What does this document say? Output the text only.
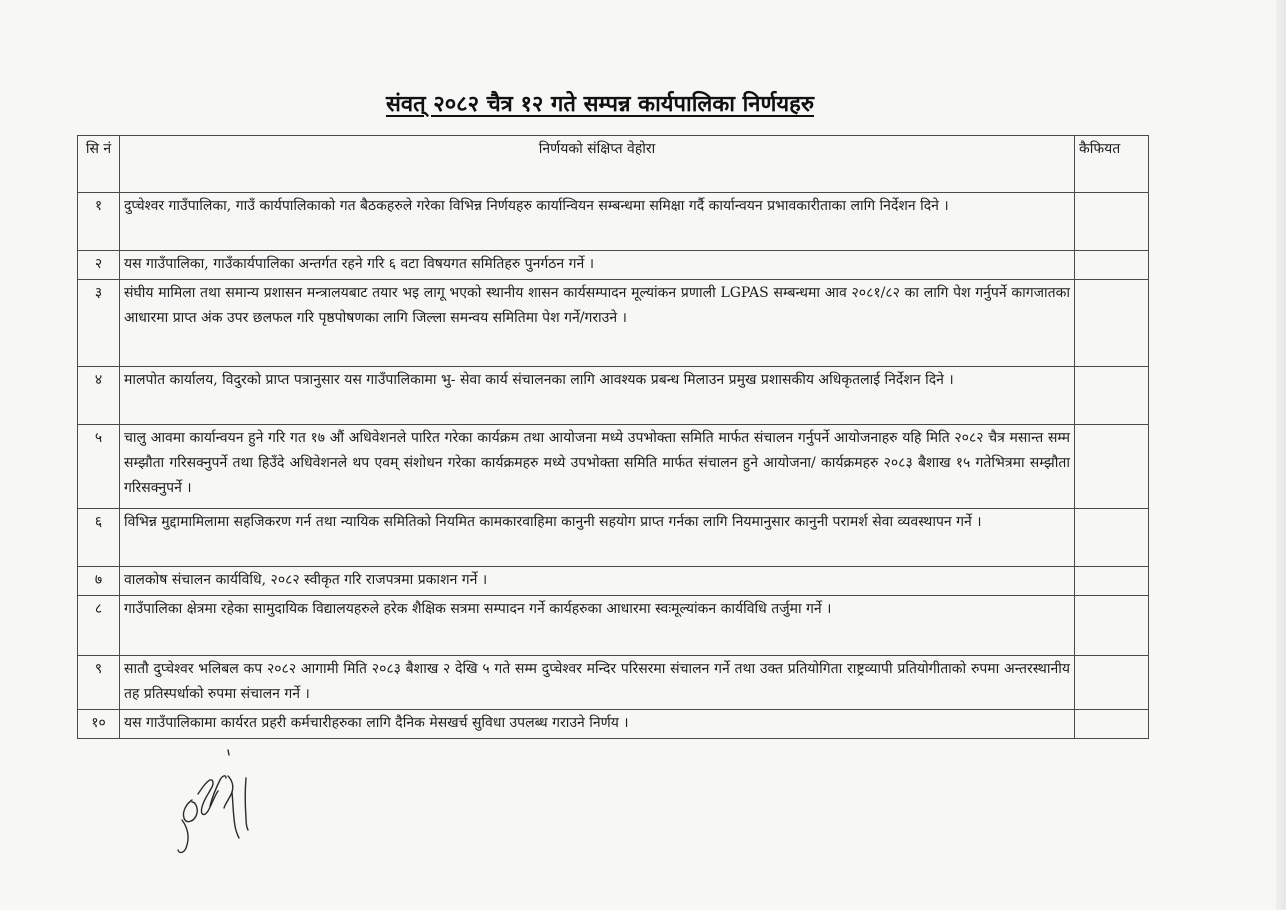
संवत् २०८२ चैत्र १२ गते सम्पन्न कार्यपालिका निर्णयहरु
सि नं	निर्णयको संक्षिप्त वेहोरा	कैफियत
१	दुप्चेश्वर गाउँपालिका, गाउँ कार्यपालिकाको गत बैठकहरुले गरेका विभिन्न निर्णयहरु कार्यान्वियन सम्बन्धमा समिक्षा गर्दै कार्यान्वयन प्रभावकारीताका लागि निर्देशन दिने ।	
२	यस गाउँपालिका, गाउँकार्यपालिका अन्तर्गत रहने गरि ६ वटा विषयगत समितिहरु पुनर्गठन गर्ने ।	
३	संघीय मामिला तथा समान्य प्रशासन मन्त्रालयबाट तयार भइ लागू भएको स्थानीय शासन कार्यसम्पादन मूल्यांकन प्रणाली LGPAS सम्बन्धमा आव २०८१/८२ का लागि पेश गर्नुपर्ने कागजातका आधारमा प्राप्त अंक उपर छलफल गरि पृष्ठपोषणका लागि जिल्ला समन्वय समितिमा पेश गर्ने/गराउने ।	
४	मालपोत कार्यालय, विदुरको प्राप्त पत्रानुसार यस गाउँपालिकामा भु- सेवा कार्य संचालनका लागि आवश्यक प्रबन्ध मिलाउन प्रमुख प्रशासकीय अधिकृतलाई निर्देशन दिने ।	
५	चालु आवमा कार्यान्वयन हुने गरि गत १७ औं अधिवेशनले पारित गरेका कार्यक्रम तथा आयोजना मध्ये उपभोक्ता समिति मार्फत संचालन गर्नुपर्ने आयोजनाहरु यहि मिति २०८२ चैत्र मसान्त सम्म सम्झौता गरिसक्नुपर्ने तथा हिउँदे अधिवेशनले थप एवम् संशोधन गरेका कार्यक्रमहरु मध्ये उपभोक्ता समिति मार्फत संचालन हुने आयोजना/ कार्यक्रमहरु २०८३ बैशाख १५ गतेभित्रमा सम्झौता गरिसक्नुपर्ने ।	
६	विभिन्न मुद्दामामिलामा सहजिकरण गर्न तथा न्यायिक समितिको नियमित कामकारवाहिमा कानुनी सहयोग प्राप्त गर्नका लागि नियमानुसार कानुनी परामर्श सेवा व्यवस्थापन गर्ने ।	
७	वालकोष संचालन कार्यविधि, २०८२ स्वीकृत गरि राजपत्रमा प्रकाशन गर्ने ।	
८	गाउँपालिका क्षेत्रमा रहेका सामुदायिक विद्यालयहरुले हरेक शैक्षिक सत्रमा सम्पादन गर्ने कार्यहरुका आधारमा स्वःमूल्यांकन कार्यविधि तर्जुमा गर्ने ।	
९	सातौ दुप्चेश्वर भलिबल कप २०८२ आगामी मिति २०८३ बैशाख २ देखि ५ गते सम्म दुप्चेश्वर मन्दिर परिसरमा संचालन गर्ने तथा उक्त प्रतियोगिता राष्ट्रव्यापी प्रतियोगीताको रुपमा अन्तरस्थानीय तह प्रतिस्पर्धाको रुपमा संचालन गर्ने ।	
१०	यस गाउँपालिकामा कार्यरत प्रहरी कर्मचारीहरुका लागि दैनिक मेसखर्च सुविधा उपलब्ध गराउने निर्णय ।	
